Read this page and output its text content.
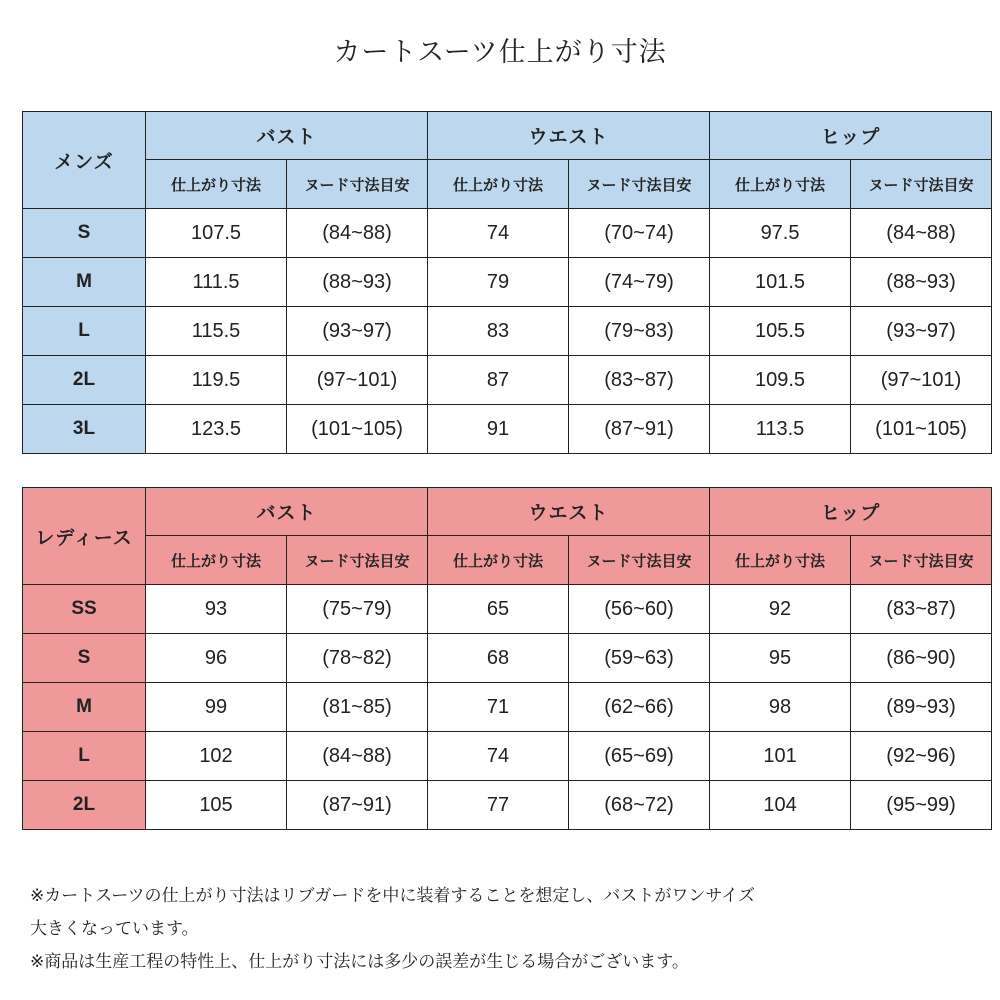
カートスーツ仕上がり寸法
メンズ	バスト		ウエスト		ヒップ	
	仕上がり寸法	ヌード寸法目安	仕上がり寸法	ヌード寸法目安	仕上がり寸法	ヌード寸法目安
S	107.5	(84~88)	74	(70~74)	97.5	(84~88)
M	111.5	(88~93)	79	(74~79)	101.5	(88~93)
L	115.5	(93~97)	83	(79~83)	105.5	(93~97)
2L	119.5	(97~101)	87	(83~87)	109.5	(97~101)
3L	123.5	(101~105)	91	(87~91)	113.5	(101~105)
レディース	バスト		ウエスト		ヒップ	
	仕上がり寸法	ヌード寸法目安	仕上がり寸法	ヌード寸法目安	仕上がり寸法	ヌード寸法目安
SS	93	(75~79)	65	(56~60)	92	(83~87)
S	96	(78~82)	68	(59~63)	95	(86~90)
M	99	(81~85)	71	(62~66)	98	(89~93)
L	102	(84~88)	74	(65~69)	101	(92~96)
2L	105	(87~91)	77	(68~72)	104	(95~99)
※カートスーツの仕上がり寸法はリブガードを中に装着することを想定し、バストがワンサイズ
大きくなっています。
※商品は生産工程の特性上、仕上がり寸法には多少の誤差が生じる場合がございます。
